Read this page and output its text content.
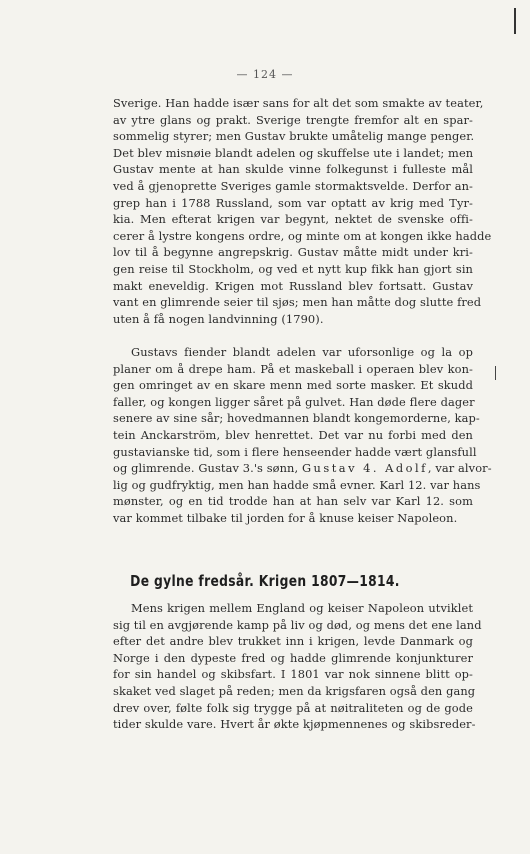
— 124 —
Sverige. Han hadde især sans for alt det som smakte av teater,
av ytre glans og prakt. Sverige trengte fremfor alt en spar-
sommelig styrer; men Gustav brukte umåtelig mange penger.
Det blev misnøie blandt adelen og skuffelse ute i landet; men
Gustav mente at han skulde vinne folkegunst i fulleste mål
ved å gjenoprette Sveriges gamle stormaktsvelde. Derfor an-
grep han i 1788 Russland, som var optatt av krig med Tyr-
kia. Men efterat krigen var begynt, nektet de svenske offi-
cerer å lystre kongens ordre, og minte om at kongen ikke hadde
lov til å begynne angrepskrig. Gustav måtte midt under kri-
gen reise til Stockholm, og ved et nytt kup fikk han gjort sin
makt eneveldig. Krigen mot Russland blev fortsatt. Gustav
vant en glimrende seier til sjøs; men han måtte dog slutte fred
uten å få nogen landvinning (1790).
Gustavs fiender blandt adelen var uforsonlige og la op
planer om å drepe ham. På et maskeball i operaen blev kon-
gen omringet av en skare menn med sorte masker. Et skudd
faller, og kongen ligger såret på gulvet. Han døde flere dager
senere av sine sår; hovedmannen blandt kongemorderne, kap-
tein Anckarström, blev henrettet. Det var nu forbi med den
gustavianske tid, som i flere henseender hadde vært glansfull
og glimrende. Gustav 3.'s sønn, Gustav 4. Adolf, var alvor-
lig og gudfryktig, men han hadde små evner. Karl 12. var hans
mønster, og en tid trodde han at han selv var Karl 12. som
var kommet tilbake til jorden for å knuse keiser Napoleon.
De gylne fredsår. Krigen 1807—1814.
Mens krigen mellem England og keiser Napoleon utviklet
sig til en avgjørende kamp på liv og død, og mens det ene land
efter det andre blev trukket inn i krigen, levde Danmark og
Norge i den dypeste fred og hadde glimrende konjunkturer
for sin handel og skibsfart. I 1801 var nok sinnene blitt op-
skaket ved slaget på reden; men da krigsfaren også den gang
drev over, følte folk sig trygge på at nøitraliteten og de gode
tider skulde vare. Hvert år økte kjøpmennenes og skibsreder-
